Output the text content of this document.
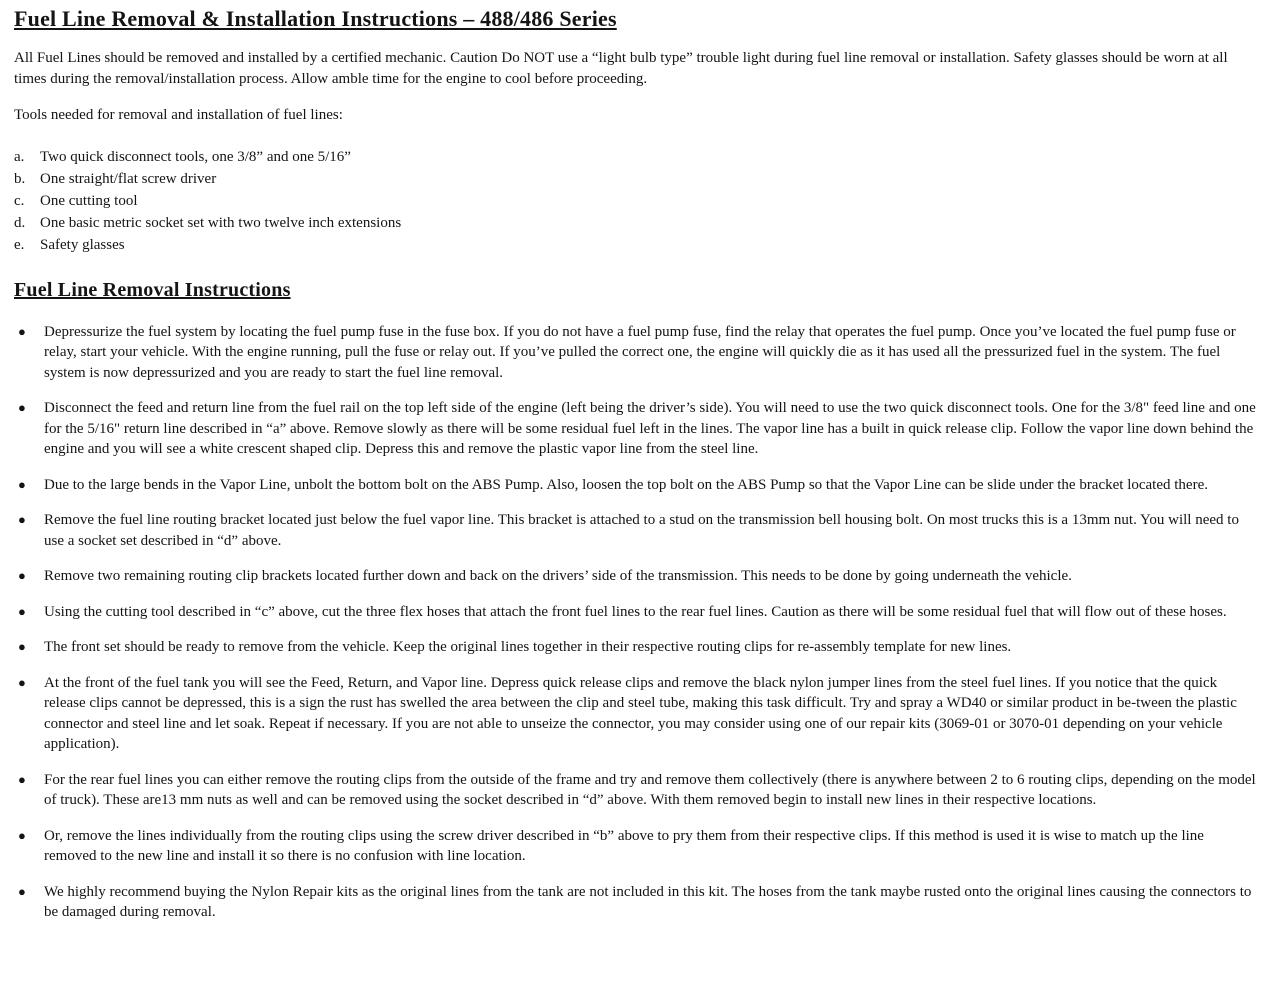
Fuel Line Removal & Installation Instructions – 488/486 Series

All Fuel Lines should be removed and installed by a certified mechanic. Caution Do NOT use a “light bulb type” trouble light during fuel line removal or installation. Safety glasses should be worn at all times during the removal/installation process. Allow amble time for the engine to cool before proceeding.

Tools needed for removal and installation of fuel lines:

a.	Two quick disconnect tools, one 3/8” and one 5/16”
b. One straight/flat screw driver
c.	One cutting tool
d. One basic metric socket set with two twelve inch extensions
e.	Safety glasses
Fuel Line Removal Instructions
●	Depressurize the fuel system by locating the fuel pump fuse in the fuse box. If you do not have a fuel pump fuse, find the relay that operates the fuel pump. Once you’ve located the fuel pump fuse or relay, start your vehicle. With the engine running, pull the fuse or relay out. If you’ve pulled the correct one, the engine will quickly die as it has used all the pressurized fuel in the system. The fuel system is now depressurized and you are ready to start the fuel line removal.
●	Disconnect the feed and return line from the fuel rail on the top left side of the engine (left being the driver’s side). You will need to use the two quick disconnect tools. One for the 3/8" feed line and one for the 5/16" return line described in “a” above. Remove slowly as there will be some residual fuel left in the lines. The vapor line has a built in quick release clip. Follow the vapor line down behind the engine and you will see a white crescent shaped clip. Depress this and remove the plastic vapor line from the steel line.
●	Due to the large bends in the Vapor Line, unbolt the bottom bolt on the ABS Pump. Also, loosen the top bolt on the ABS Pump so that the Vapor Line can be slide under the bracket located there.
●	Remove the fuel line routing bracket located just below the fuel vapor line. This bracket is attached to a stud on the transmission bell housing bolt. On most trucks this is a 13mm nut. You will need to use a socket set described in “d” above.
●	Remove two remaining routing clip brackets located further down and back on the drivers’ side of the transmission. This needs to be done by going underneath the vehicle.
●	Using the cutting tool described in “c” above, cut the three flex hoses that attach the front fuel lines to the rear fuel lines. Caution as there will be some residual fuel that will flow out of these hoses.
●	The front set should be ready to remove from the vehicle. Keep the original lines together in their respective routing clips for re-assembly template for new lines.
●	At the front of the fuel tank you will see the Feed, Return, and Vapor line. Depress quick release clips and remove the black nylon jumper lines from the steel fuel lines. If you notice that the quick release clips cannot be depressed, this is a sign the rust has swelled the area between the clip and steel tube, making this task difficult. Try and spray a WD40 or similar product in be-tween the plastic connector and steel line and let soak. Repeat if necessary. If you are not able to unseize the connector, you may consider using one of our repair kits (3069-01 or 3070-01 depending on your vehicle application).
●	For the rear fuel lines you can either remove the routing clips from the outside of the frame and try and remove them collectively (there is anywhere between 2 to 6 routing clips, depending on the model of truck). These are13 mm nuts as well and can be removed using the socket described in “d” above. With them removed begin to install new lines in their respective locations.
●	Or, remove the lines individually from the routing clips using the screw driver described in “b” above to pry them from their respective clips. If this method is used it is wise to match up the line removed to the new line and install it so there is no confusion with line location.
●	We highly recommend buying the Nylon Repair kits as the original lines from the tank are not included in this kit. The hoses from the tank maybe rusted onto the original lines causing the connectors to be damaged during removal.
